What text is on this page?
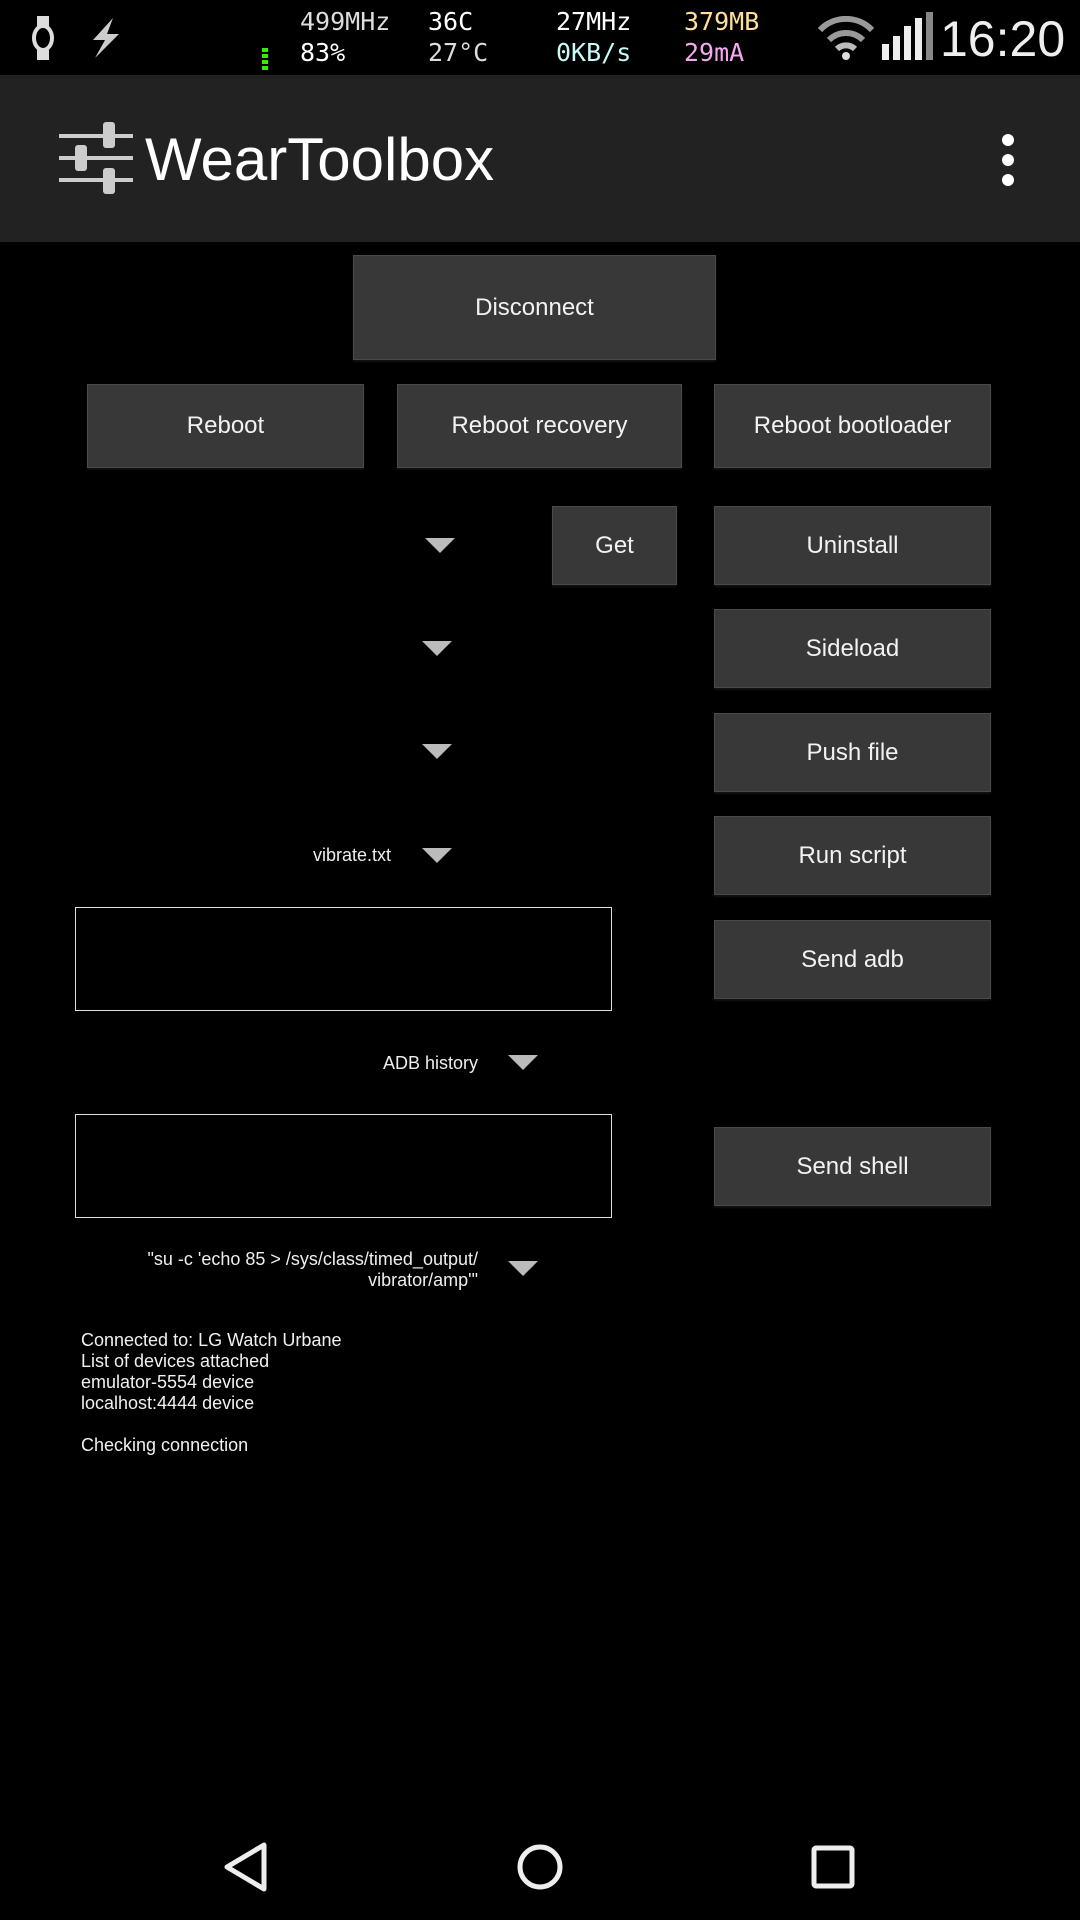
499MHz
83%
36C
27°C
27MHz
0KB/s
379MB
29mA	16:20
WearToolbox
Disconnect
Reboot	Reboot recovery	Reboot bootloader
Get	Uninstall
Sideload
Push file
vibrate.txt	Run script
Send adb
ADB history
Send shell
"su -c 'echo 85 > /sys/class/timed_output/
vibrator/amp'"
Connected to: LG Watch Urbane
List of devices attached
emulator-5554 device
localhost:4444 device
Checking connection
